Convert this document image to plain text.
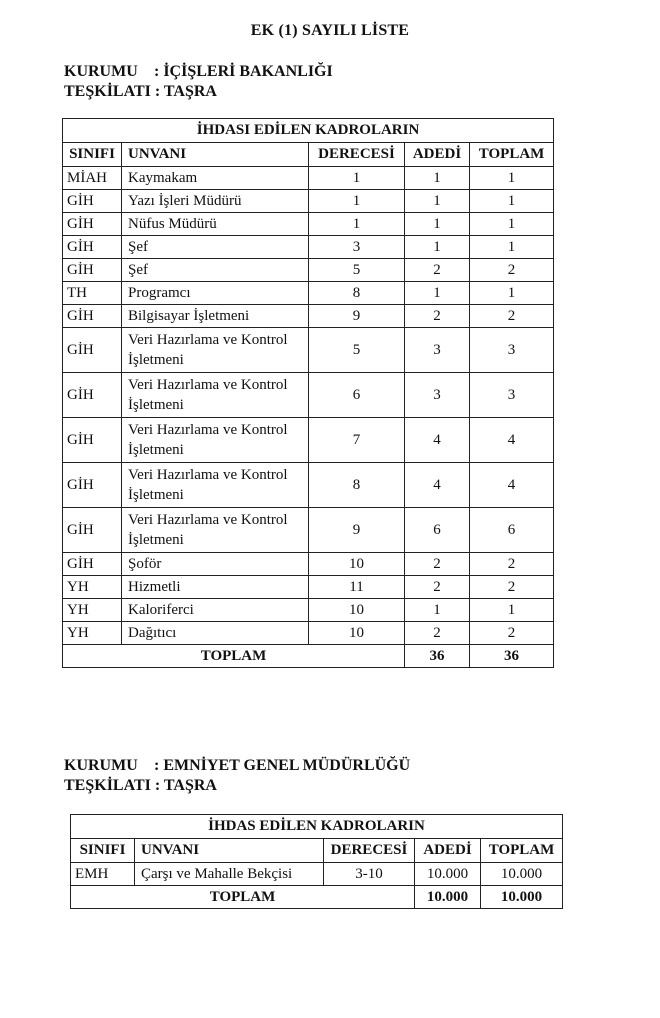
EK (1) SAYILI LİSTE
KURUMU : İÇİŞLERİ BAKANLIĞI
TEŞKİLATI : TAŞRA
İHDASI EDİLEN KADROLARIN				
SINIFI	UNVANI	DERECESİ	ADEDİ	TOPLAM
MİAH	Kaymakam	1	1	1
GİH	Yazı İşleri Müdürü	1	1	1
GİH	Nüfus Müdürü	1	1	1
GİH	Şef	3	1	1
GİH	Şef	5	2	2
TH	Programcı	8	1	1
GİH	Bilgisayar İşletmeni	9	2	2
GİH	Veri Hazırlama ve Kontrol
İşletmeni	5	3	3
GİH	Veri Hazırlama ve Kontrol
İşletmeni	6	3	3
GİH	Veri Hazırlama ve Kontrol
İşletmeni	7	4	4
GİH	Veri Hazırlama ve Kontrol
İşletmeni	8	4	4
GİH	Veri Hazırlama ve Kontrol
İşletmeni	9	6	6
GİH	Şoför	10	2	2
YH	Hizmetli	11	2	2
YH	Kaloriferci	10	1	1
YH	Dağıtıcı	10	2	2
TOPLAM			36	36
KURUMU : EMNİYET GENEL MÜDÜRLÜĞÜ
TEŞKİLATI : TAŞRA
İHDAS EDİLEN KADROLARIN				
SINIFI	UNVANI	DERECESİ	ADEDİ	TOPLAM
EMH	Çarşı ve Mahalle Bekçisi	3-10	10.000	10.000
TOPLAM			10.000	10.000
